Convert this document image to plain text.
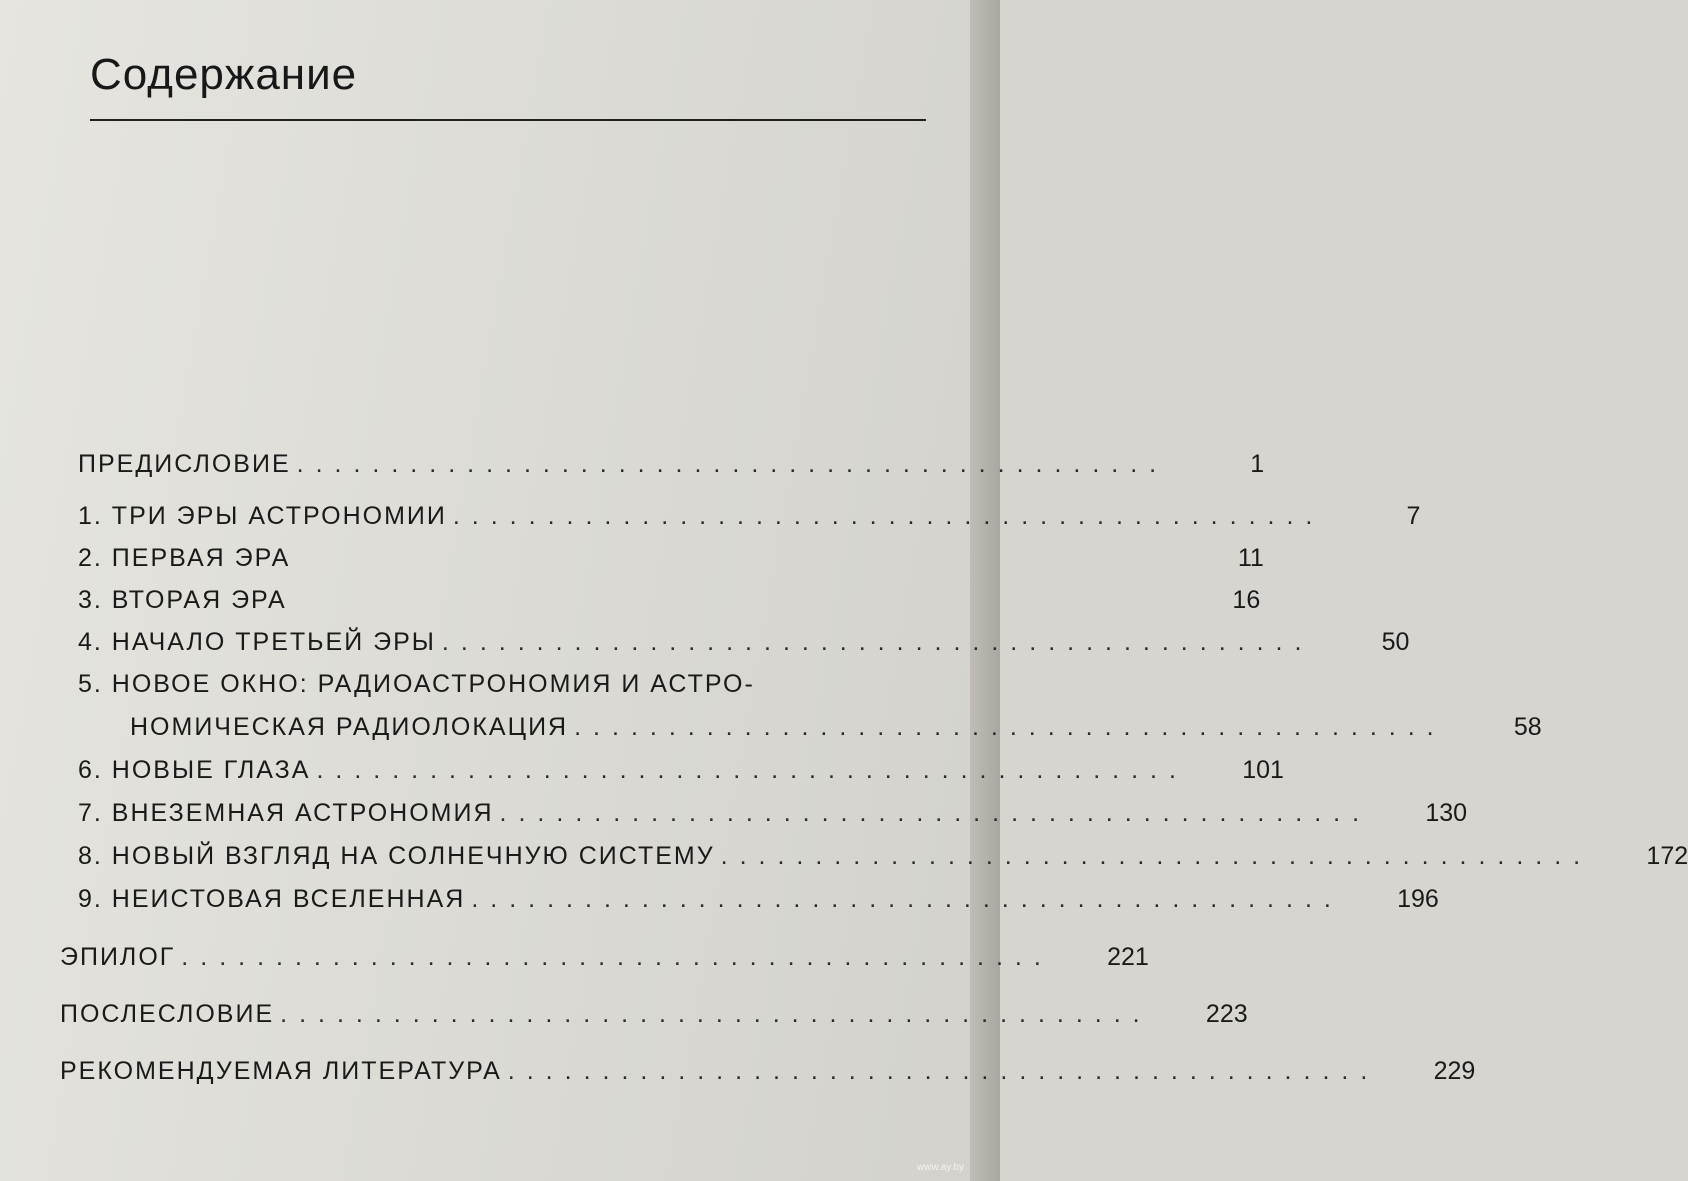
Содержание
ПРЕДИСЛОВИЕ ..............................................	1
1. ТРИ ЭРЫ АСТРОНОМИИ ..............................................	7
2. ПЕРВАЯ ЭРА	11
3. ВТОРАЯ ЭРА	16
4. НАЧАЛО ТРЕТЬЕЙ ЭРЫ ..............................................	50
5. НОВОЕ ОКНО: РАДИОАСТРОНОМИЯ И АСТРО-
НОМИЧЕСКАЯ РАДИОЛОКАЦИЯ ..............................................	58
6. НОВЫЕ ГЛАЗА ..............................................	101
7. ВНЕЗЕМНАЯ АСТРОНОМИЯ ..............................................	130
8. НОВЫЙ ВЗГЛЯД НА СОЛНЕЧНУЮ СИСТЕМУ ..............................................	172
9. НЕИСТОВАЯ ВСЕЛЕННАЯ ..............................................	196
ЭПИЛОГ ..............................................	221
ПОСЛЕСЛОВИЕ ..............................................	223
РЕКОМЕНДУЕМАЯ ЛИТЕРАТУРА ..............................................	229
www.ay.by
